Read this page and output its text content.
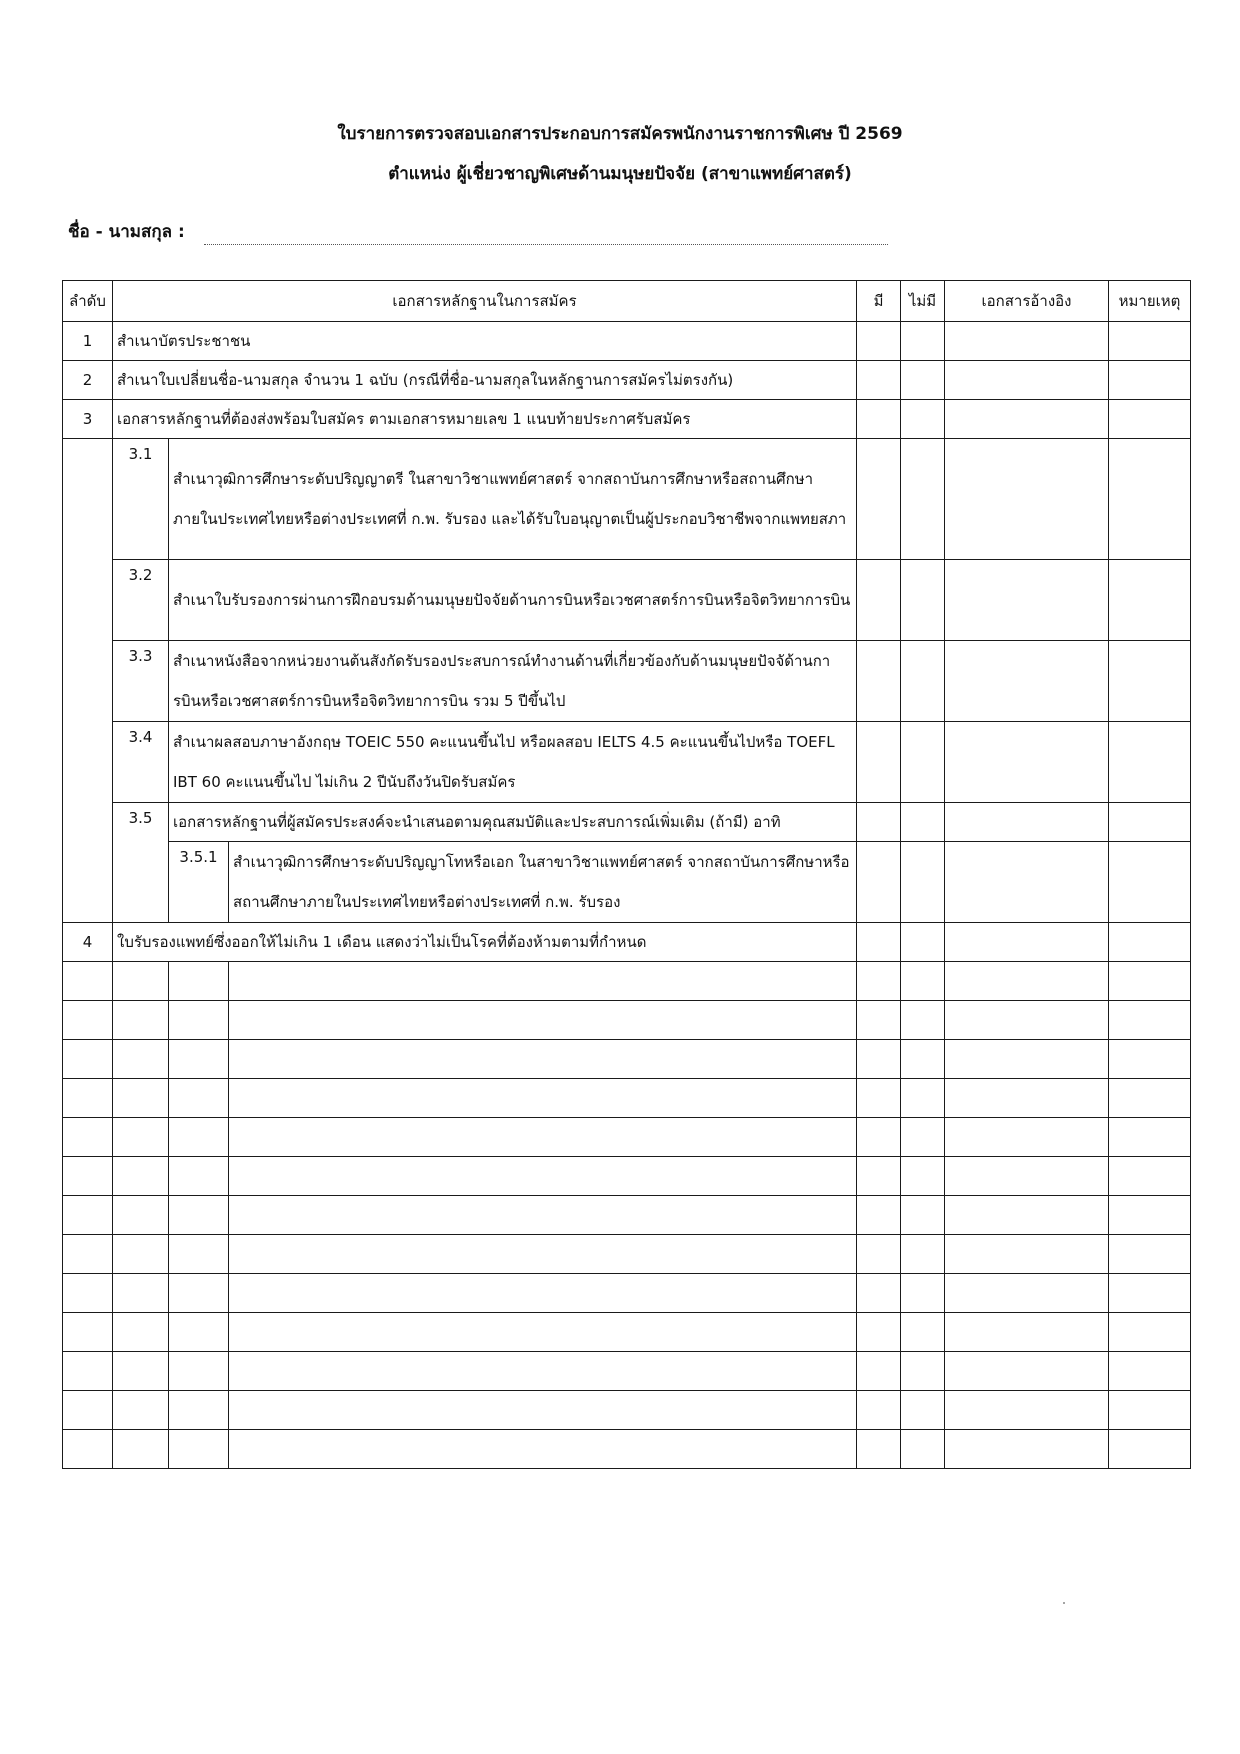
ใบรายการตรวจสอบเอกสารประกอบการสมัครพนักงานราชการพิเศษ ปี 2569
ตำแหน่ง ผู้เชี่ยวชาญพิเศษด้านมนุษยปัจจัย (สาขาแพทย์ศาสตร์)
ชื่อ - นามสกุล :
ลำดับ	เอกสารหลักฐานในการสมัคร			มี	ไม่มี	เอกสารอ้างอิง	หมายเหตุ
1	สำเนาบัตรประชาชน						
2	สำเนาใบเปลี่ยนชื่อ-นามสกุล จำนวน 1 ฉบับ (กรณีที่ชื่อ-นามสกุลในหลักฐานการสมัครไม่ตรงกัน)						
3	เอกสารหลักฐานที่ต้องส่งพร้อมใบสมัคร ตามเอกสารหมายเลข 1 แนบท้ายประกาศรับสมัคร						
	3.1	สำเนาวุฒิการศึกษาระดับปริญญาตรี ในสาขาวิชาแพทย์ศาสตร์ จากสถาบันการศึกษาหรือสถานศึกษาภายในประเทศไทยหรือต่างประเทศที่ ก.พ. รับรอง และได้รับใบอนุญาตเป็นผู้ประกอบวิชาชีพจากแพทยสภา					
	3.2	สำเนาใบรับรองการผ่านการฝึกอบรมด้านมนุษยปัจจัยด้านการบินหรือเวชศาสตร์การบินหรือจิตวิทยาการบิน					
	3.3	สำเนาหนังสือจากหน่วยงานต้นสังกัดรับรองประสบการณ์ทำงานด้านที่เกี่ยวข้องกับด้านมนุษยปัจจัด้านการบินหรือเวชศาสตร์การบินหรือจิตวิทยาการบิน รวม 5 ปีขึ้นไป					
	3.4	สำเนาผลสอบภาษาอังกฤษ TOEIC 550 คะแนนขึ้นไป หรือผลสอบ IELTS 4.5 คะแนนขึ้นไปหรือ TOEFL IBT 60 คะแนนขึ้นไป ไม่เกิน 2 ปีนับถึงวันปิดรับสมัคร					
	3.5	เอกสารหลักฐานที่ผู้สมัครประสงค์จะนำเสนอตามคุณสมบัติและประสบการณ์เพิ่มเติม (ถ้ามี) อาทิ					
		3.5.1	สำเนาวุฒิการศึกษาระดับปริญญาโทหรือเอก ในสาขาวิชาแพทย์ศาสตร์ จากสถาบันการศึกษาหรือสถานศึกษาภายในประเทศไทยหรือต่างประเทศที่ ก.พ. รับรอง				
4	ใบรับรองแพทย์ซึ่งออกให้ไม่เกิน 1 เดือน แสดงว่าไม่เป็นโรคที่ต้องห้ามตามที่กำหนด						
